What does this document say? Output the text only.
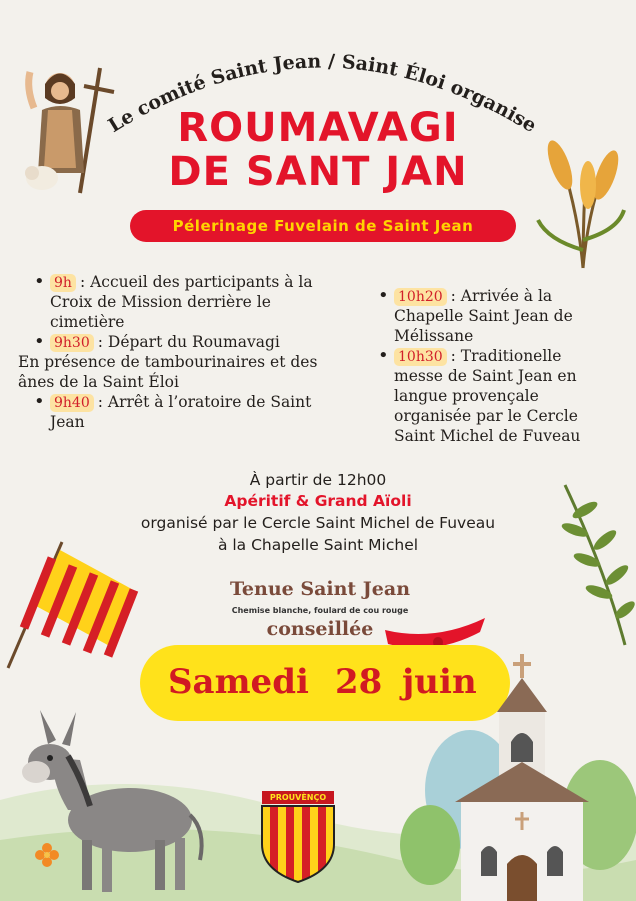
Le comité Saint Jean / Saint Éloi organise
ROUMAVAGI
DE SANT JAN
Pélerinage Fuvelain de Saint Jean
• 9h : Accueil des participants à la Croix de Mission derrière le cimetière
• 9h30 : Départ du Roumavagi
En présence de tambourinaires et des ânes de la Saint Éloi
• 9h40 : Arrêt à l’oratoire de Saint Jean
• 10h20 : Arrivée à la Chapelle Saint Jean de Mélissane
• 10h30 : Traditionelle messe de Saint Jean en langue provençale organisée par le Cercle Saint Michel de Fuveau
À partir de 12h00
Apéritif & Grand Aïoli
organisé par le Cercle Saint Michel de Fuveau
à la Chapelle Saint Michel
Tenue Saint Jean
Chemise blanche, foulard de cou rouge
conseillée
Samedi 28 juin
PROUVÈNÇO
